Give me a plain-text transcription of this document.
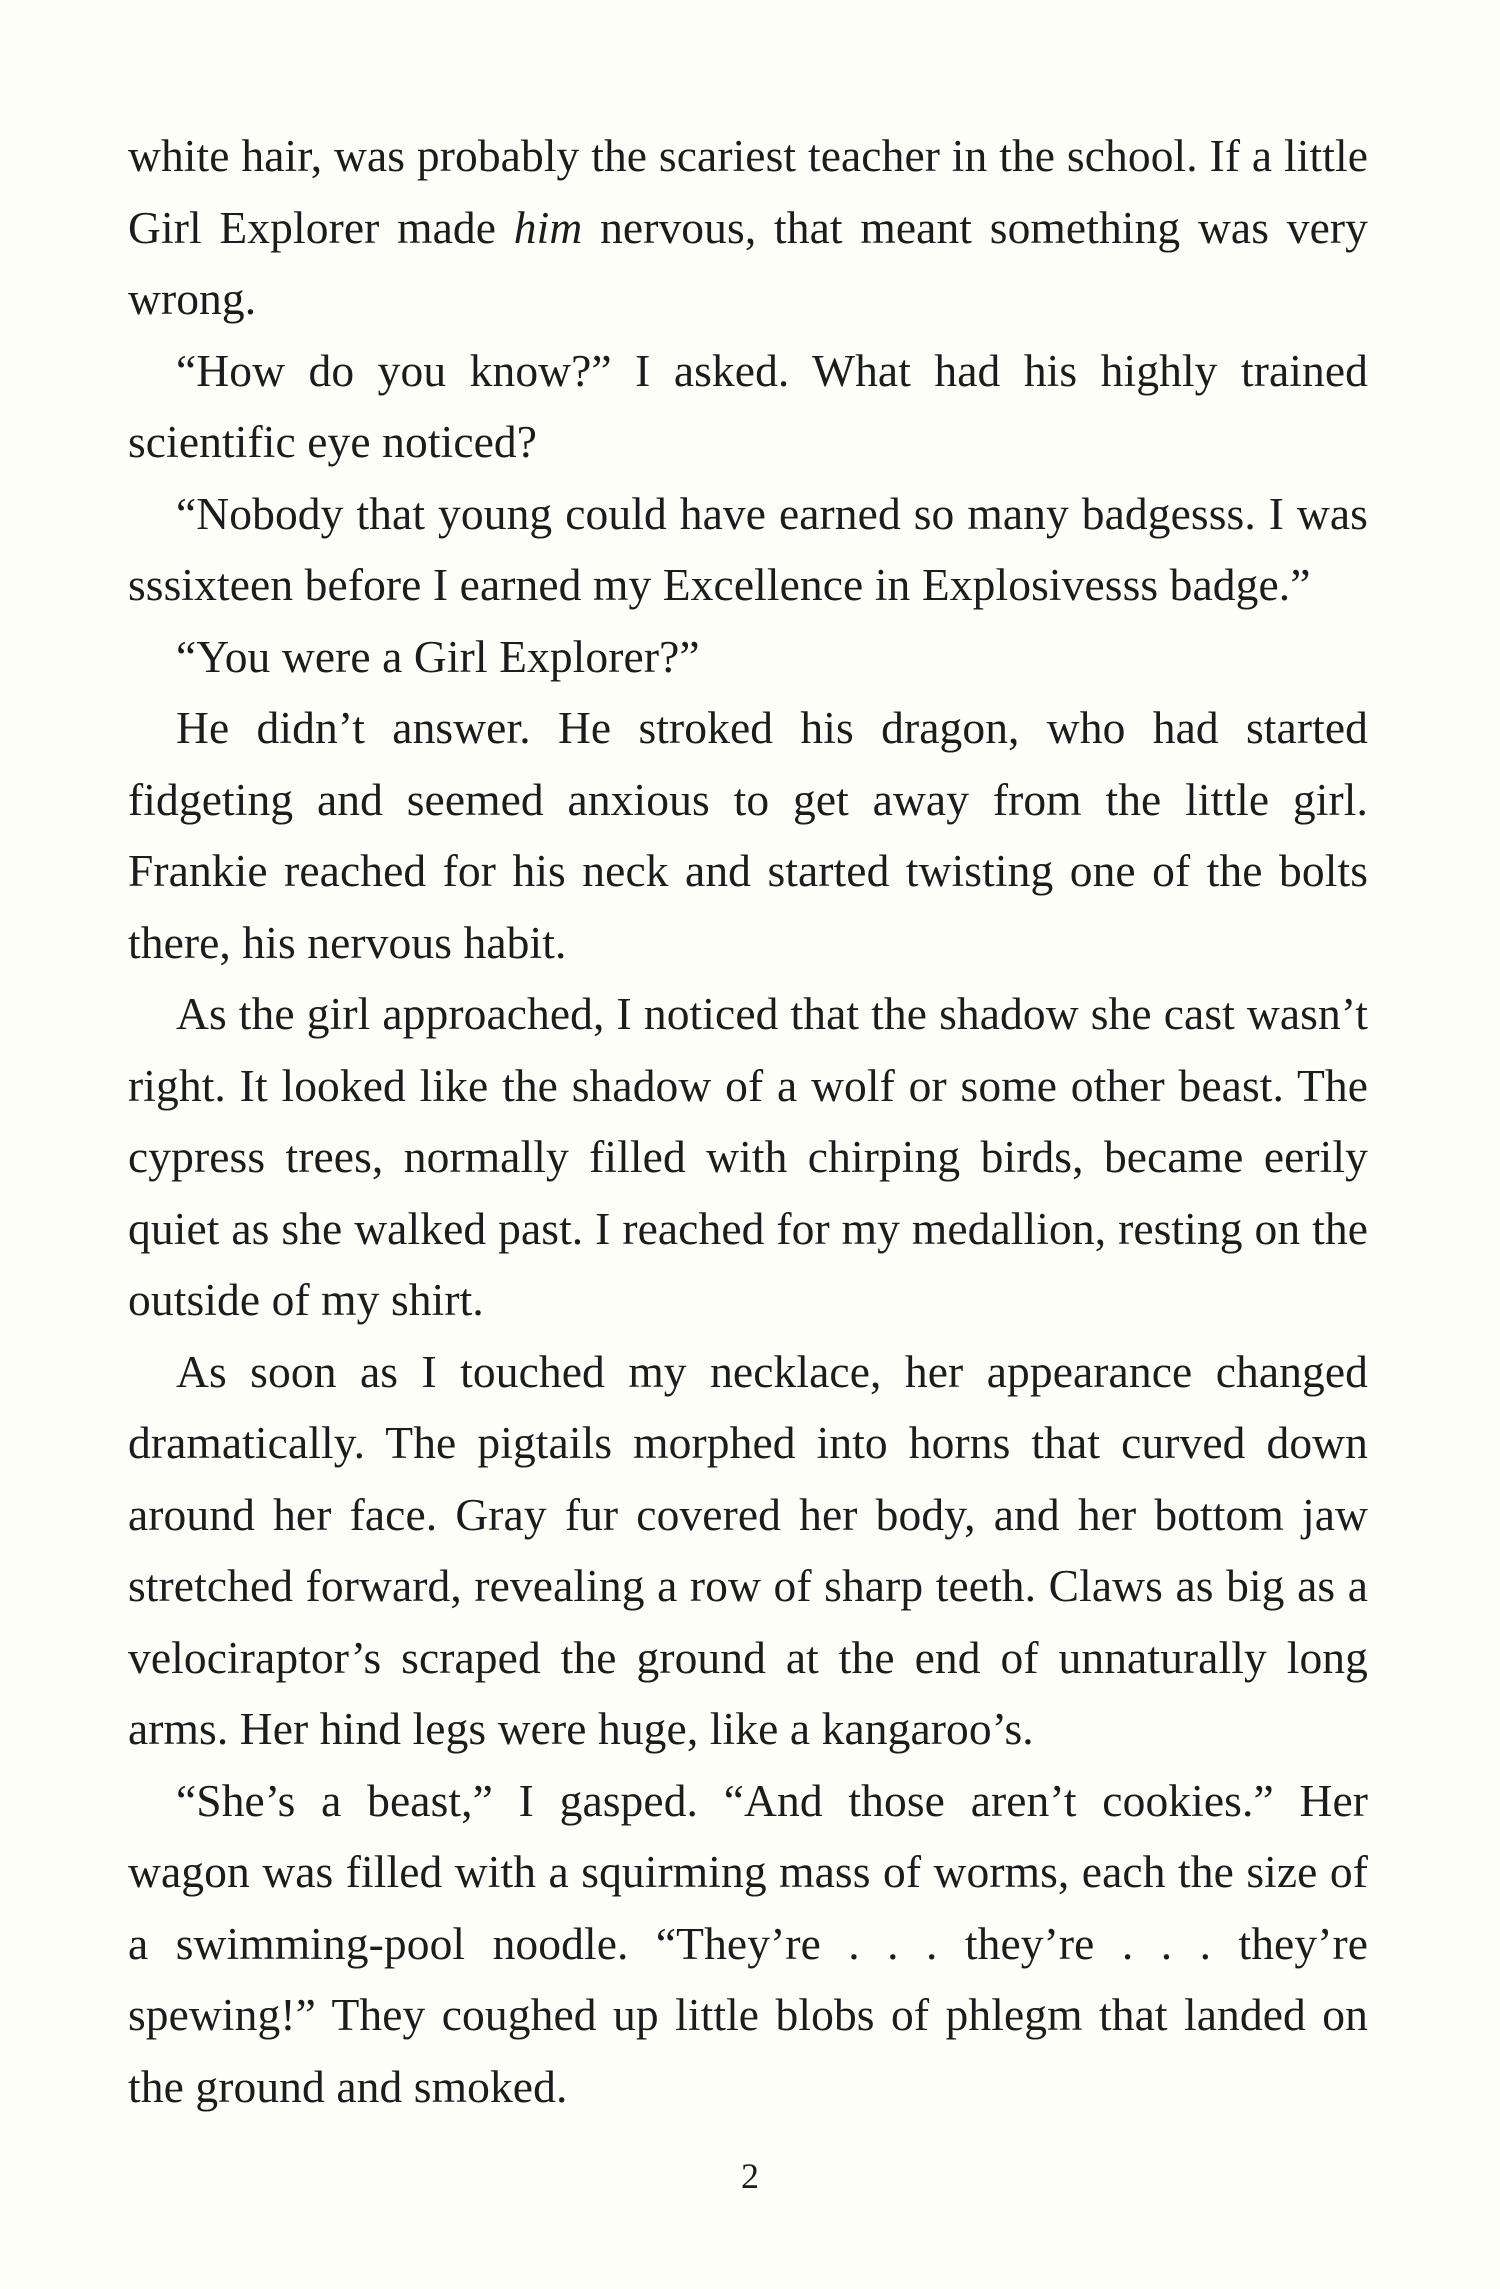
white hair, was probably the scariest teacher in the school. If a little Girl Explorer made him nervous, that meant something was very wrong.

“How do you know?” I asked. What had his highly trained scientific eye noticed?

“Nobody that young could have earned so many badgesss. I was sssixteen before I earned my Excellence in Explosivesss badge.”

“You were a Girl Explorer?”

He didn’t answer. He stroked his dragon, who had started fidgeting and seemed anxious to get away from the little girl. Frankie reached for his neck and started twisting one of the bolts there, his nervous habit.

As the girl approached, I noticed that the shadow she cast wasn’t right. It looked like the shadow of a wolf or some other beast. The cypress trees, normally filled with chirping birds, became eerily quiet as she walked past. I reached for my medallion, resting on the outside of my shirt.

As soon as I touched my necklace, her appearance changed dramatically. The pigtails morphed into horns that curved down around her face. Gray fur covered her body, and her bottom jaw stretched forward, revealing a row of sharp teeth. Claws as big as a velociraptor’s scraped the ground at the end of unnaturally long arms. Her hind legs were huge, like a kangaroo’s.

“She’s a beast,” I gasped. “And those aren’t cookies.” Her wagon was filled with a squirming mass of worms, each the size of a swimming-pool noodle. “They’re . . . they’re . . . they’re spewing!” They coughed up little blobs of phlegm that landed on the ground and smoked.

2
